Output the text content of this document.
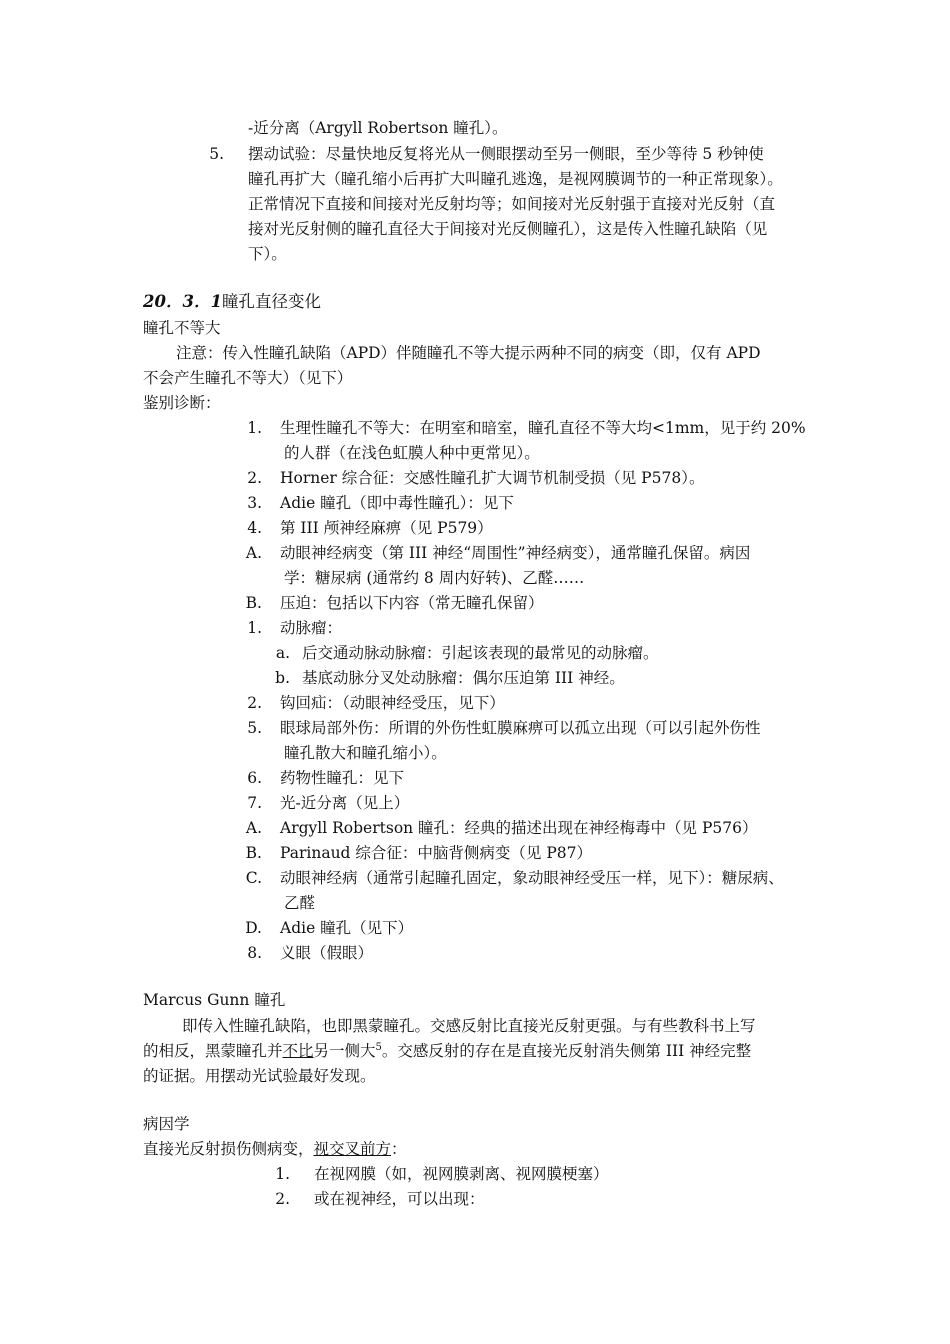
-近分离（Argyll Robertson 瞳孔）。
5. 摆动试验：尽量快地反复将光从一侧眼摆动至另一侧眼，至少等待 5 秒钟使
瞳孔再扩大（瞳孔缩小后再扩大叫瞳孔逃逸，是视网膜调节的一种正常现象）。
正常情况下直接和间接对光反射均等；如间接对光反射强于直接对光反射（直
接对光反射侧的瞳孔直径大于间接对光反侧瞳孔），这是传入性瞳孔缺陷（见
下）。
20．3．1瞳孔直径变化
瞳孔不等大
注意：传入性瞳孔缺陷（APD）伴随瞳孔不等大提示两种不同的病变（即，仅有 APD
不会产生瞳孔不等大）（见下）
鉴别诊断：
1. 生理性瞳孔不等大：在明室和暗室，瞳孔直径不等大均<1mm，见于约 20%
的人群（在浅色虹膜人种中更常见）。
2. Horner 综合征：交感性瞳孔扩大调节机制受损（见 P578）。
3. Adie 瞳孔（即中毒性瞳孔）：见下
4. 第 III 颅神经麻痹（见 P579）
A. 动眼神经病变（第 III 神经“周围性”神经病变），通常瞳孔保留。病因
学：糖尿病 (通常约 8 周内好转)、乙醛……
B. 压迫：包括以下内容（常无瞳孔保留）
1. 动脉瘤：
a. 后交通动脉动脉瘤：引起该表现的最常见的动脉瘤。
b. 基底动脉分叉处动脉瘤：偶尔压迫第 III 神经。
2. 钩回疝：（动眼神经受压，见下）
5. 眼球局部外伤：所谓的外伤性虹膜麻痹可以孤立出现（可以引起外伤性
瞳孔散大和瞳孔缩小）。
6. 药物性瞳孔：见下
7. 光-近分离（见上）
A. Argyll Robertson 瞳孔：经典的描述出现在神经梅毒中（见 P576）
B. Parinaud 综合征：中脑背侧病变（见 P87）
C. 动眼神经病（通常引起瞳孔固定，象动眼神经受压一样，见下）：糖尿病、
乙醛
D. Adie 瞳孔（见下）
8. 义眼（假眼）
Marcus Gunn 瞳孔
即传入性瞳孔缺陷，也即黑蒙瞳孔。交感反射比直接光反射更强。与有些教科书上写
的相反，黑蒙瞳孔并不比另一侧大$^5$。交感反射的存在是直接光反射消失侧第 III 神经完整
的证据。用摆动光试验最好发现。
病因学
直接光反射损伤侧病变，视交叉前方：
1. 在视网膜（如，视网膜剥离、视网膜梗塞）
2. 或在视神经，可以出现：
